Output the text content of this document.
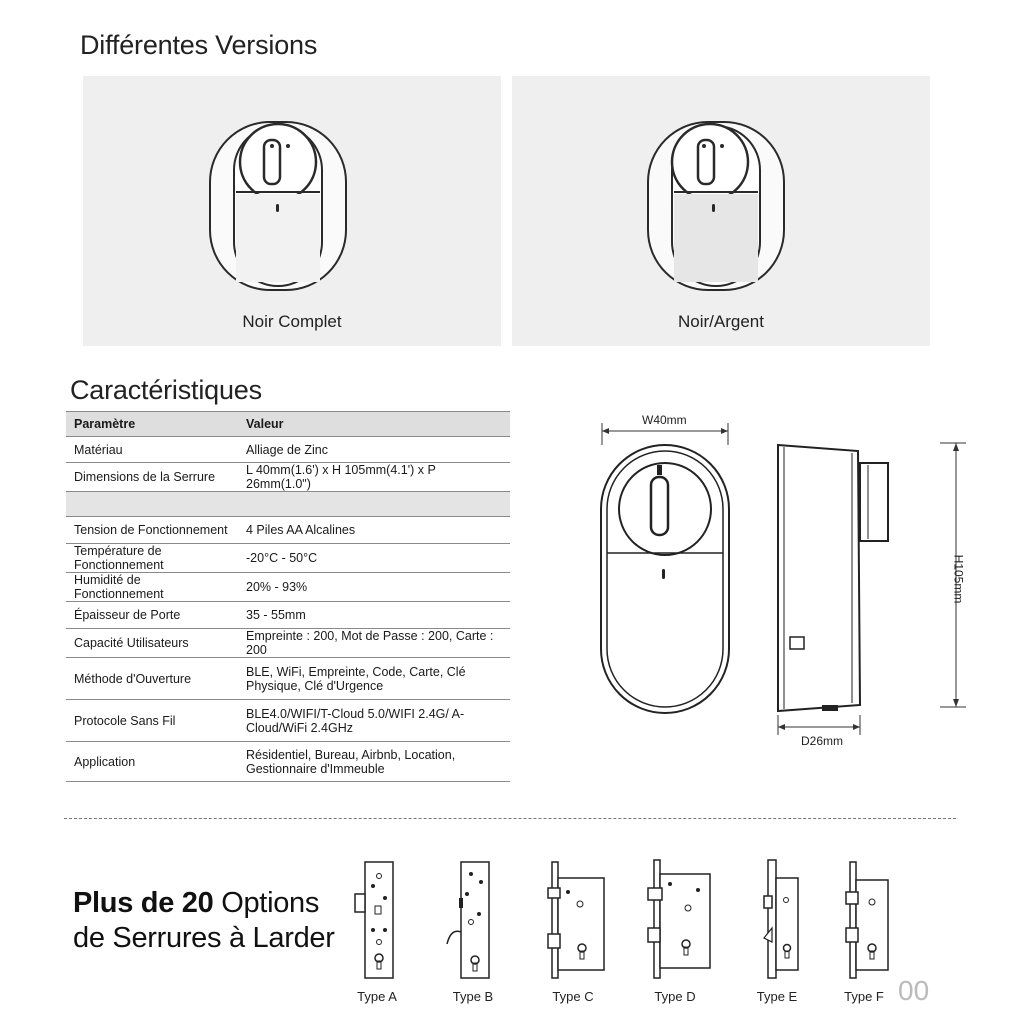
Différentes Versions
Noir Complet	Noir/Argent
Caractéristiques
Paramètre	Valeur
Matériau	Alliage de Zinc
Dimensions de la Serrure	L 40mm(1.6') x H 105mm(4.1') x P 26mm(1.0")

Tension de Fonctionnement	4 Piles AA Alcalines
Température de Fonctionnement	-20°C - 50°C
Humidité de Fonctionnement	20% - 93%
Épaisseur de Porte	35 - 55mm
Capacité Utilisateurs	Empreinte : 200, Mot de Passe : 200, Carte : 200
Méthode d'Ouverture	BLE, WiFi, Empreinte, Code, Carte, Clé Physique, Clé d'Urgence
Protocole Sans Fil	BLE4.0/WIFI/T-Cloud 5.0/WIFI 2.4G/ A-Cloud/WiFi 2.4GHz
Application	Résidentiel, Bureau, Airbnb, Location, Gestionnaire d'Immeuble
W40mm
H105mm
D26mm
Plus de 20 Options
de Serrures à Larder
Type A	Type B	Type C	Type D	Type E	Type F 00
